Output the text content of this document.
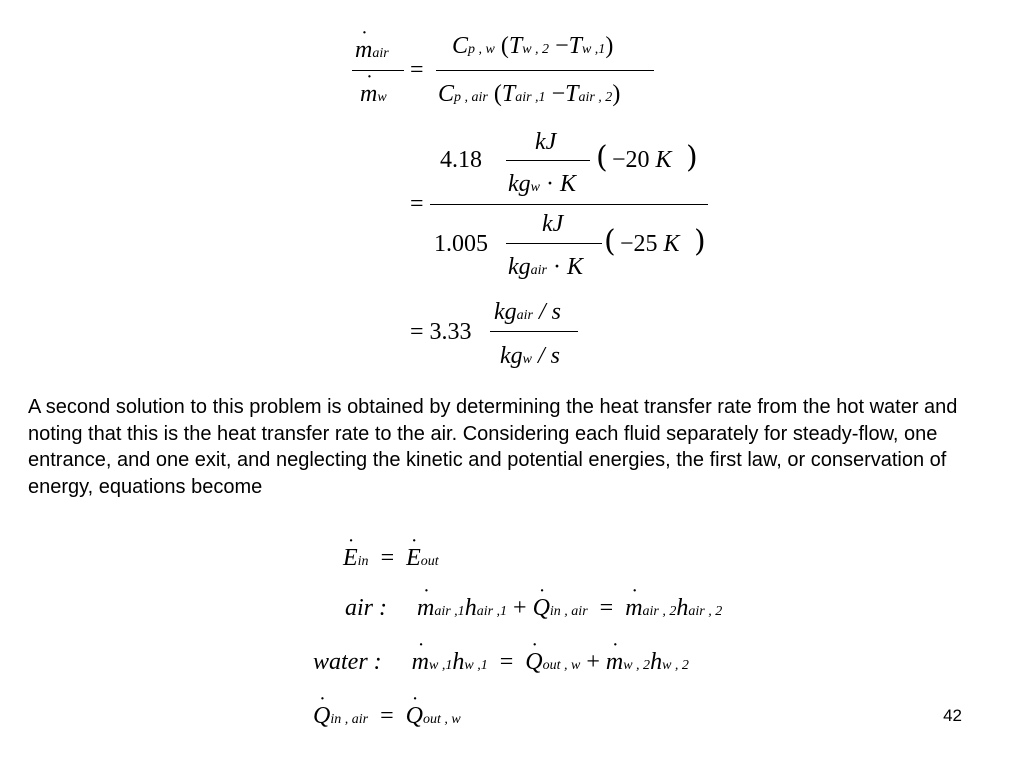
˙ mair
˙ mw
=
Cp , w (Tw , 2 −Tw ,1)
Cp , air (Tair ,1 −Tair , 2)
=
4.18
kJ
kgw · K
( −20 K )
1.005
kJ
kgair · K
( −25 K )
= 3.33
kgair / s
kgw / s
A second solution to this problem is obtained by determining the heat transfer rate from the hot water and noting that this is the heat transfer rate to the air. Considering each fluid separately for steady-flow, one entrance, and one exit, and neglecting the kinetic and potential energies, the first law, or conservation of energy, equations become
˙ Ein  =  ˙ Eout
air : ˙ mair ,1hair ,1 + ˙ Qin , air  =  ˙ mair , 2hair , 2
water : ˙ mw ,1hw ,1  =  ˙ Qout , w + ˙ mw , 2hw , 2
˙ Qin , air  =  ˙ Qout , w	42
